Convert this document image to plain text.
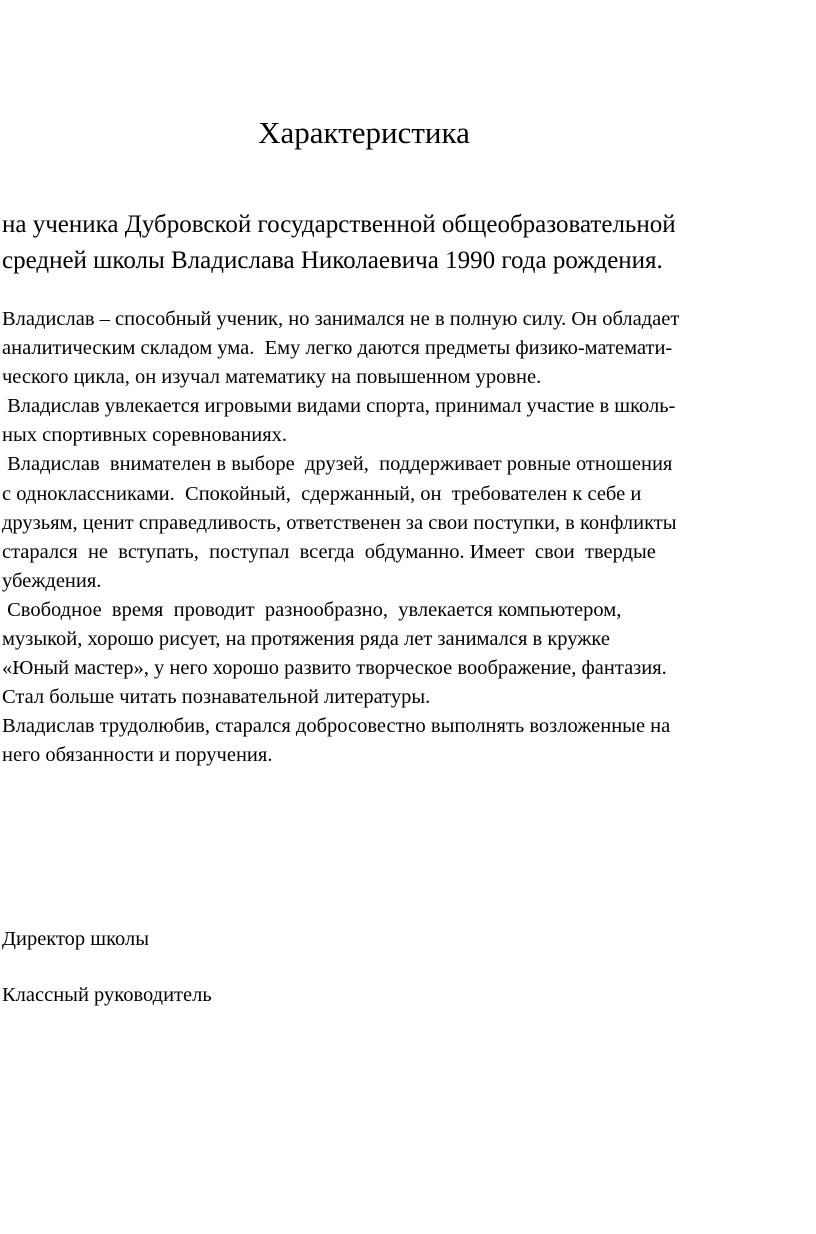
Характеристика
на ученика Дубровской государственной общеобразовательной
средней школы Владислава Николаевича 1990 года рождения.
Владислав – способный ученик, но занимался не в полную силу. Он обладает
аналитическим складом ума.  Ему легко даются предметы физико-математи-
ческого цикла, он изучал математику на повышенном уровне.
Владислав увлекается игровыми видами спорта, принимал участие в школь-
ных спортивных соревнованиях.
Владислав  внимателен в выборе  друзей,  поддерживает ровные отношения
с одноклассниками.  Спокойный,  сдержанный, он  требователен к себе и
друзьям, ценит справедливость, ответственен за свои поступки, в конфликты
старался  не  вступать,  поступал  всегда  обдуманно. Имеет  свои  твердые
убеждения.
Свободное  время  проводит  разнообразно,  увлекается компьютером,
музыкой, хорошо рисует, на протяжения ряда лет занимался в кружке
«Юный мастер», у него хорошо развито творческое воображение, фантазия.
Стал больше читать познавательной литературы.
Владислав трудолюбив, старался добросовестно выполнять возложенные на
него обязанности и поручения.
Директор школы
Классный руководитель
